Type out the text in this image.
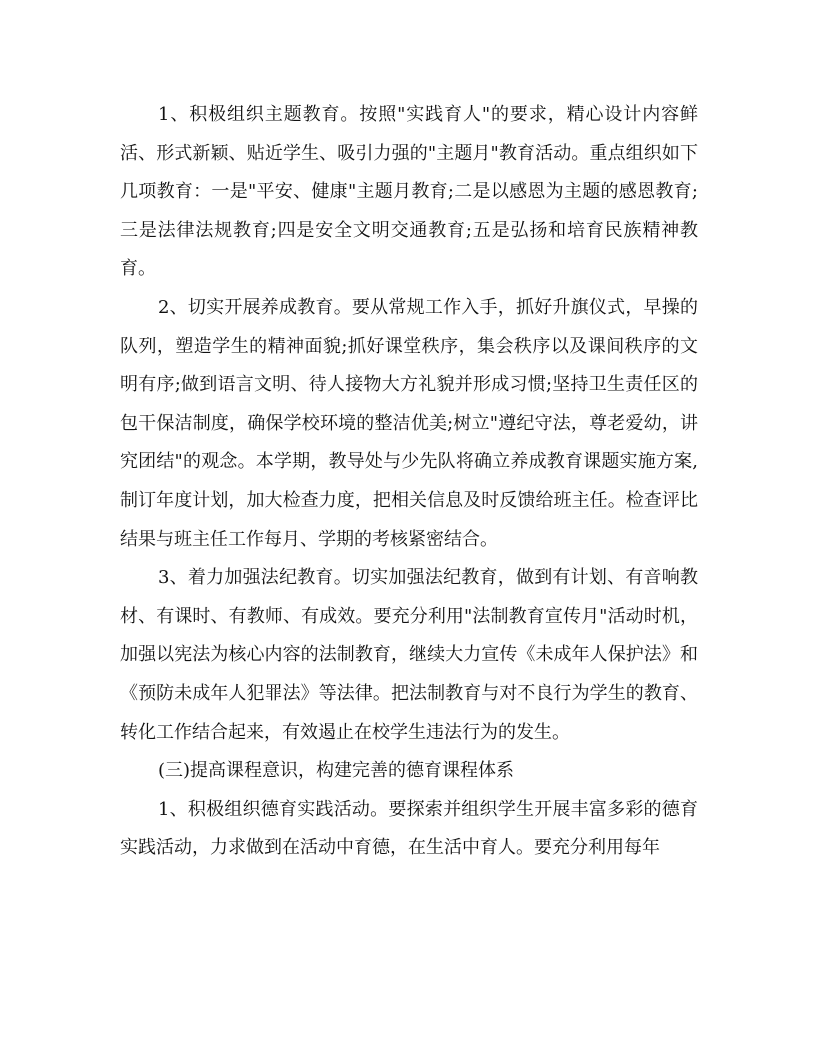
1、积极组织主题教育。按照"实践育人"的要求，精心设计内容鲜活、形式新颖、贴近学生、吸引力强的"主题月"教育活动。重点组织如下几项教育：一是"平安、健康"主题月教育;二是以感恩为主题的感恩教育;三是法律法规教育;四是安全文明交通教育;五是弘扬和培育民族精神教育。

2、切实开展养成教育。要从常规工作入手，抓好升旗仪式，早操的队列，塑造学生的精神面貌;抓好课堂秩序，集会秩序以及课间秩序的文明有序;做到语言文明、待人接物大方礼貌并形成习惯;坚持卫生责任区的包干保洁制度，确保学校环境的整洁优美;树立"遵纪守法，尊老爱幼，讲究团结"的观念。本学期，教导处与少先队将确立养成教育课题实施方案,制订年度计划，加大检查力度，把相关信息及时反馈给班主任。检查评比结果与班主任工作每月、学期的考核紧密结合。

3、着力加强法纪教育。切实加强法纪教育，做到有计划、有音响教材、有课时、有教师、有成效。要充分利用"法制教育宣传月"活动时机，加强以宪法为核心内容的法制教育，继续大力宣传《未成年人保护法》和《预防未成年人犯罪法》等法律。把法制教育与对不良行为学生的教育、转化工作结合起来，有效遏止在校学生违法行为的发生。

(三)提高课程意识，构建完善的德育课程体系

1、积极组织德育实践活动。要探索并组织学生开展丰富多彩的德育实践活动，力求做到在活动中育德，在生活中育人。要充分利用每年
